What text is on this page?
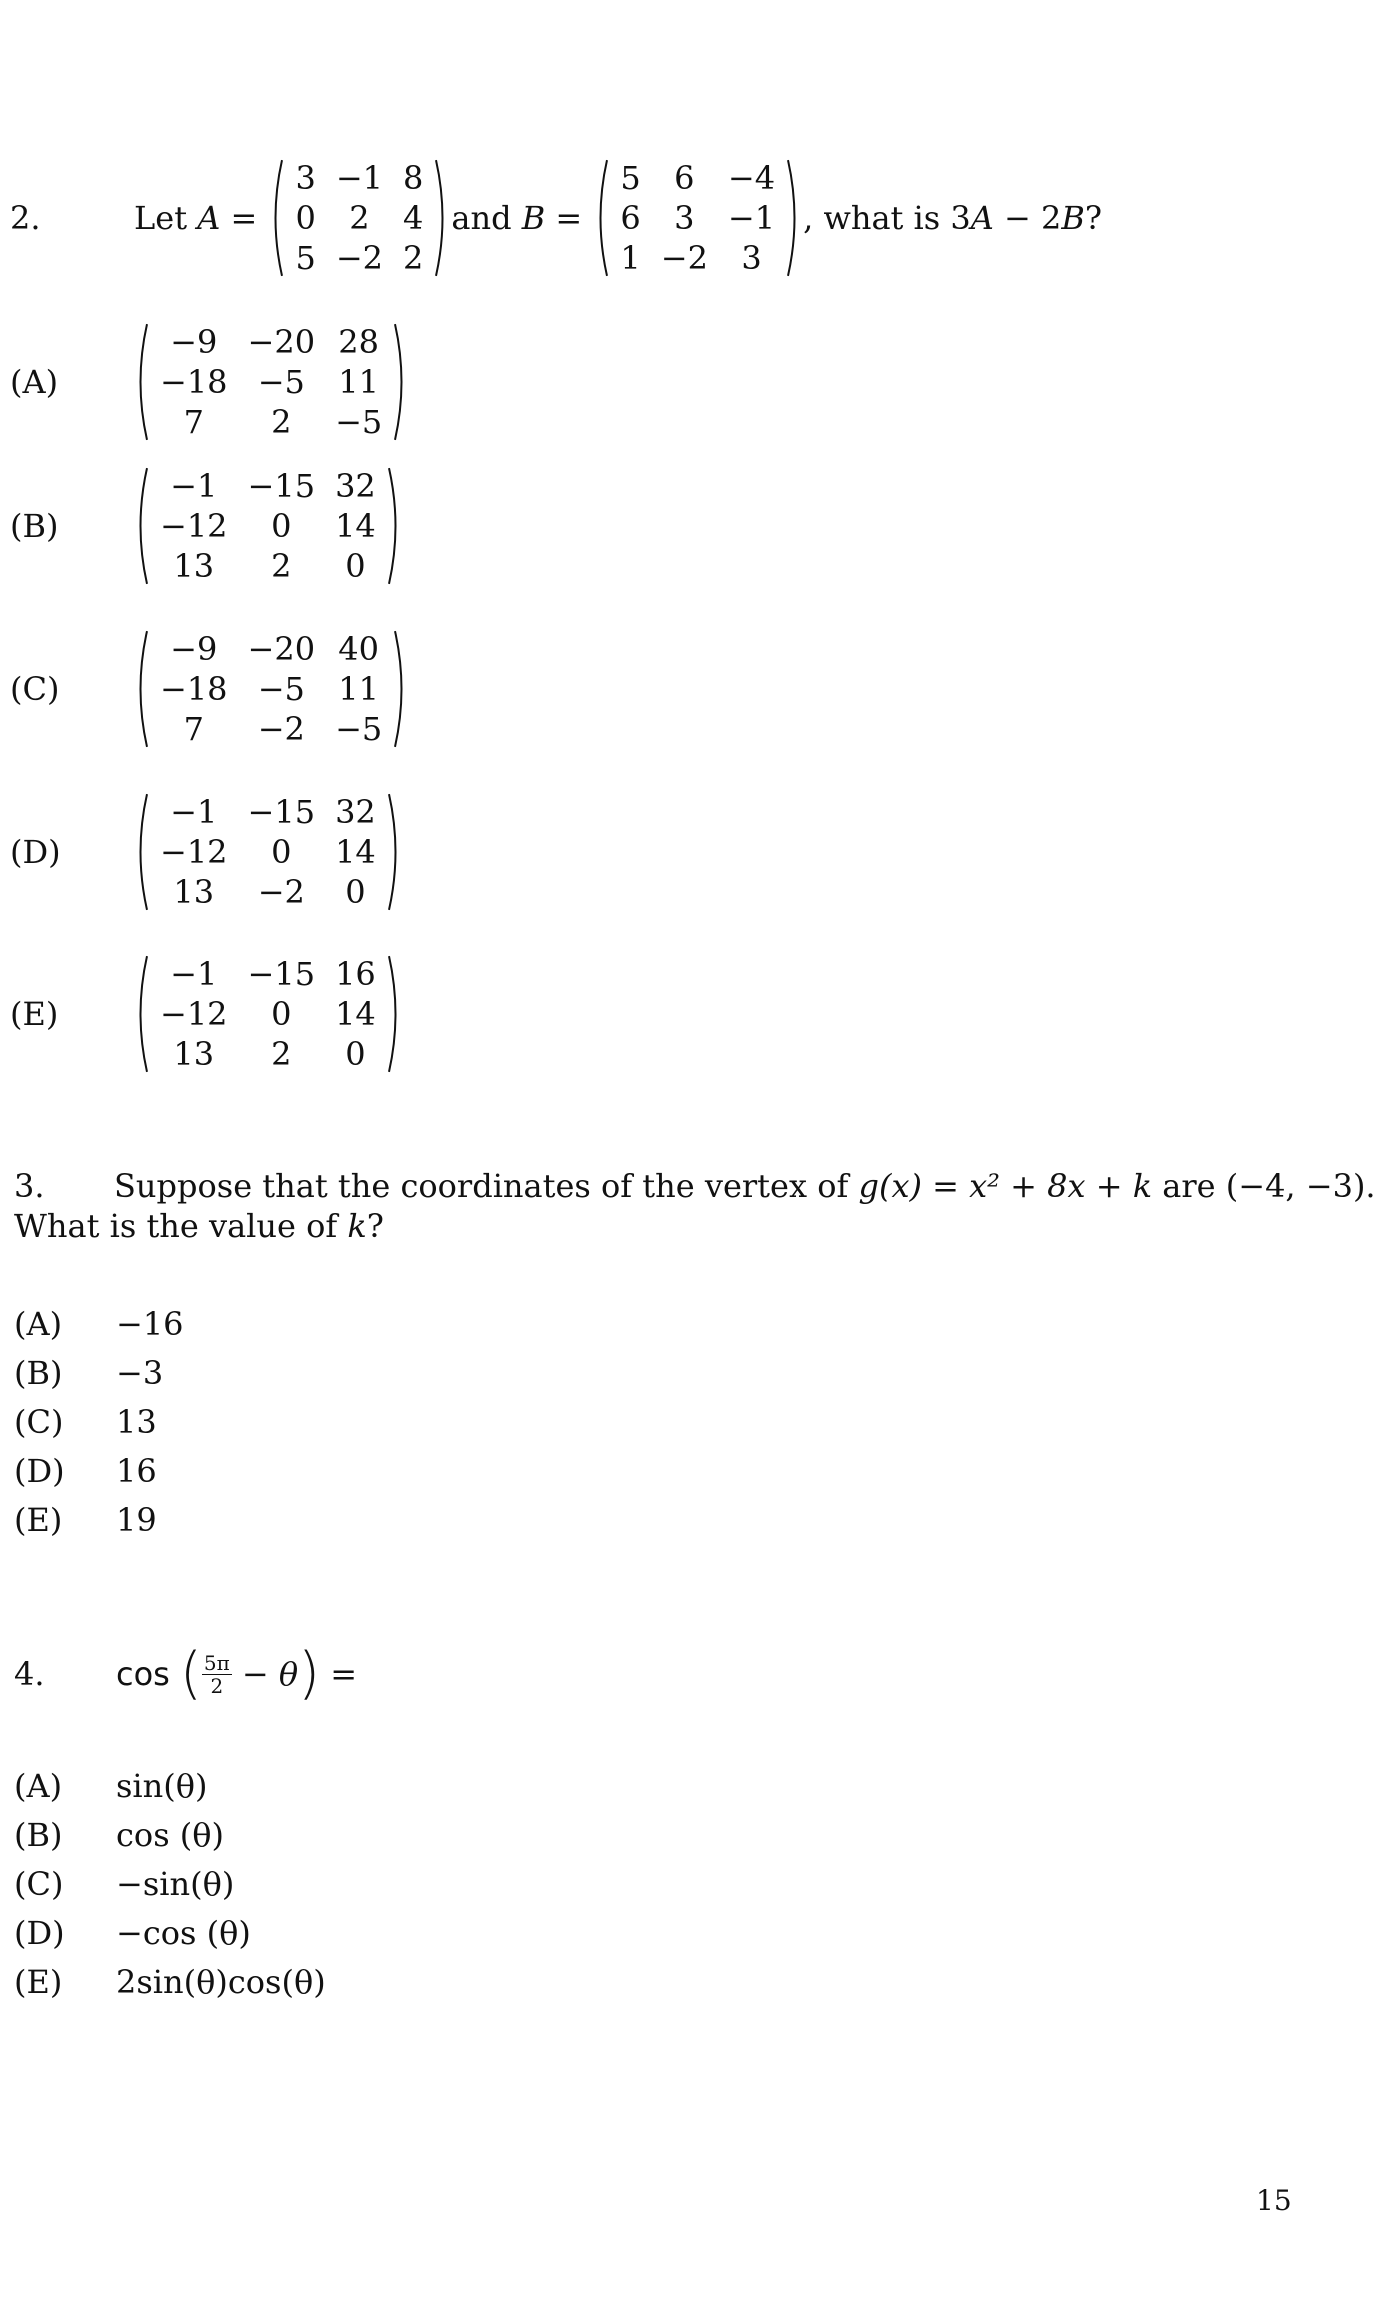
2.	Let
A =
3	−1	8
0	2	4
5	−2	2
and
B =
5	6	−4
6	3	−1
1	−2	3
, what is 3 A − 2 B ?
(A)
−9	−20	28
−18	−5	11
7	2	−5
(B)
−1	−15	32
−12	0	14
13	2	0
(C)
−9	−20	40
−18	−5	11
7	−2	−5
(D)
−1	−15	32
−12	0	14
13	−2	0
(E)
−1	−15	16
−12	0	14
13	2	0
3. Suppose that the coordinates of the vertex of g(x) = x² + 8x + k are (−4, −3).
What is the value of k?
(A) −16
(B) −3
(C) 13
(D) 16
(E) 19
4. cos
( $\frac{5\pi}{2} - \theta$ )
=
(A) sin(θ)
(B) cos (θ)
(C) −sin(θ)
(D) −cos (θ)
(E) 2sin(θ)cos(θ)
15
